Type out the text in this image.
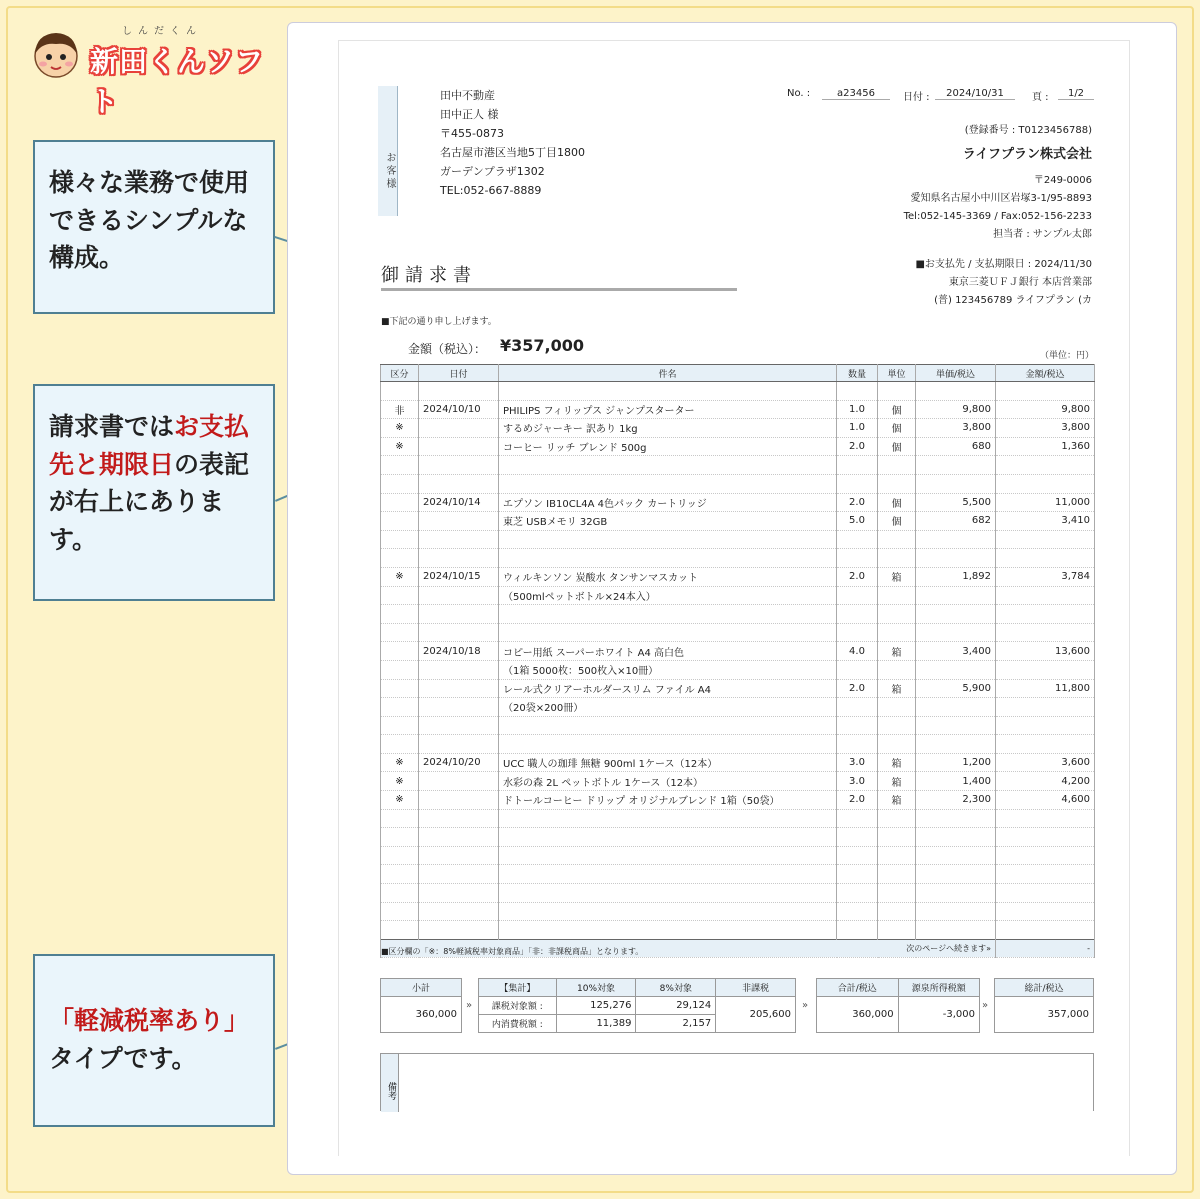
しんだくん
新田くんソフト
様々な業務で使用できるシンプルな構成。
請求書ではお支払先と期限日の表記が右上にあります。
「軽減税率あり」
タイプです。
お客様
田中不動産
田中正人 様
〒455-0873
名古屋市港区当地5丁目1800
ガーデンプラザ1302
TEL:052-667-8889
No. :	a23456	日付 :	2024/10/31	頁 :	1/2
(登録番号 : T0123456788)
ライフプラン株式会社
〒249-0006
愛知県名古屋小中川区岩塚3-1/95-8893
Tel:052-145-3369 / Fax:052-156-2233
担当者 : サンプル太郎
■お支払先 / 支払期限日 : 2024/11/30
東京三菱ＵＦＪ銀行 本店営業部
(普) 123456789 ライフプラン (カ
御請求書
■下記の通り申し上げます。
金額（税込）： ¥357,000
（単位：円）
区分	日付	件名	数量	単位	単価/税込	金額/税込

非	2024/10/10	PHILIPS フィリップス ジャンプスターター	1.0	個	9,800	9,800
※		するめジャーキー 訳あり 1kg	1.0	個	3,800	3,800
※		コーヒー リッチ ブレンド 500g	2.0	個	680	1,360

	2024/10/14	エプソン IB10CL4A 4色パック カートリッジ	2.0	個	5,500	11,000
		東芝 USBメモリ 32GB	5.0	個	682	3,410

※	2024/10/15	ウィルキンソン 炭酸水 タンサンマスカット	2.0	箱	1,892	3,784
		（500mlペットボトル×24本入）				

	2024/10/18	コピー用紙 スーパーホワイト A4 高白色	4.0	箱	3,400	13,600
		（1箱 5000枚：500枚入×10冊）				
		レール式クリアーホルダースリム ファイル A4	2.0	箱	5,900	11,800
		（20袋×200冊）				

※	2024/10/20	UCC 職人の珈琲 無糖 900ml 1ケース（12本）	3.0	箱	1,200	3,600
※		水彩の森 2L ペットボトル 1ケース（12本）	3.0	箱	1,400	4,200
※		ドトールコーヒー ドリップ オリジナルブレンド 1箱（50袋）	2.0	箱	2,300	4,600

次のページへ続きます»						-
■区分欄の「※：8%軽減税率対象商品」「非：非課税商品」となります。
小計
360,000
»
【集計】	10%対象	8%対象	非課税
課税対象額 :	125,276	29,124	205,600
内消費税額 :	11,389	2,157	
»
合計/税込	源泉所得税額
360,000	-3,000
»
総計/税込
357,000
備考
